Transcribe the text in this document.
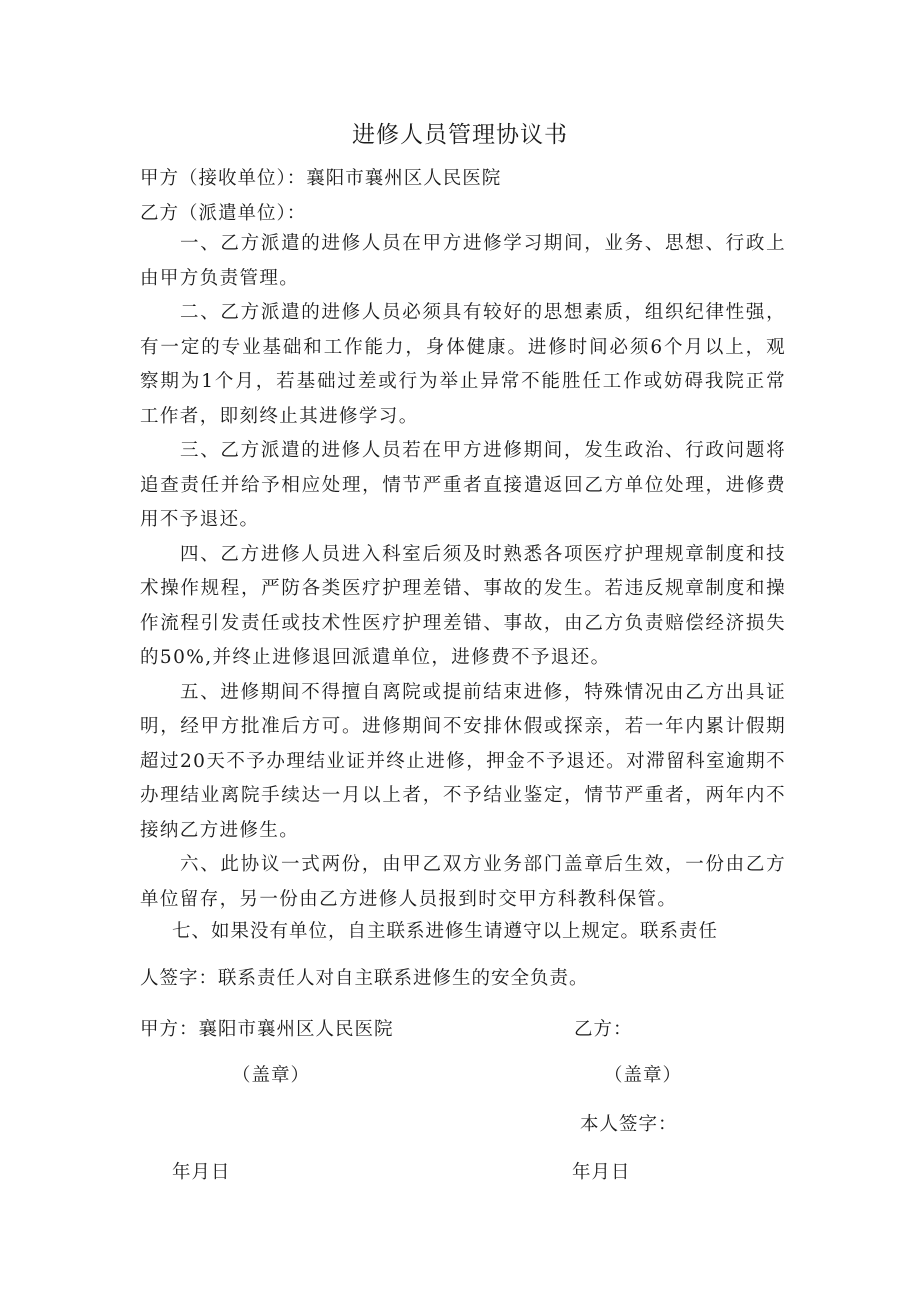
进修人员管理协议书
甲方（接收单位）：襄阳市襄州区人民医院
乙方（派遣单位）：

一、乙方派遣的进修人员在甲方进修学习期间，业务、思想、行政上由甲方负责管理。

二、乙方派遣的进修人员必须具有较好的思想素质，组织纪律性强，有一定的专业基础和工作能力，身体健康。进修时间必须6个月以上，观察期为1个月，若基础过差或行为举止异常不能胜任工作或妨碍我院正常工作者，即刻终止其进修学习。

三、乙方派遣的进修人员若在甲方进修期间，发生政治、行政问题将追查责任并给予相应处理，情节严重者直接遣返回乙方单位处理，进修费用不予退还。

四、乙方进修人员进入科室后须及时熟悉各项医疗护理规章制度和技术操作规程，严防各类医疗护理差错、事故的发生。若违反规章制度和操作流程引发责任或技术性医疗护理差错、事故，由乙方负责赔偿经济损失的50%,并终止进修退回派遣单位，进修费不予退还。

五、进修期间不得擅自离院或提前结束进修，特殊情况由乙方出具证明，经甲方批准后方可。进修期间不安排休假或探亲，若一年内累计假期超过20天不予办理结业证并终止进修，押金不予退还。对滞留科室逾期不办理结业离院手续达一月以上者，不予结业鉴定，情节严重者，两年内不接纳乙方进修生。

六、此协议一式两份，由甲乙双方业务部门盖章后生效，一份由乙方单位留存，另一份由乙方进修人员报到时交甲方科教科保管。

七、如果没有单位，自主联系进修生请遵守以上规定。联系责任
人签字：联系责任人对自主联系进修生的安全负责。
甲方：襄阳市襄州区人民医院	乙方：
（盖章）	（盖章）
本人签字：
年月日	年月日
